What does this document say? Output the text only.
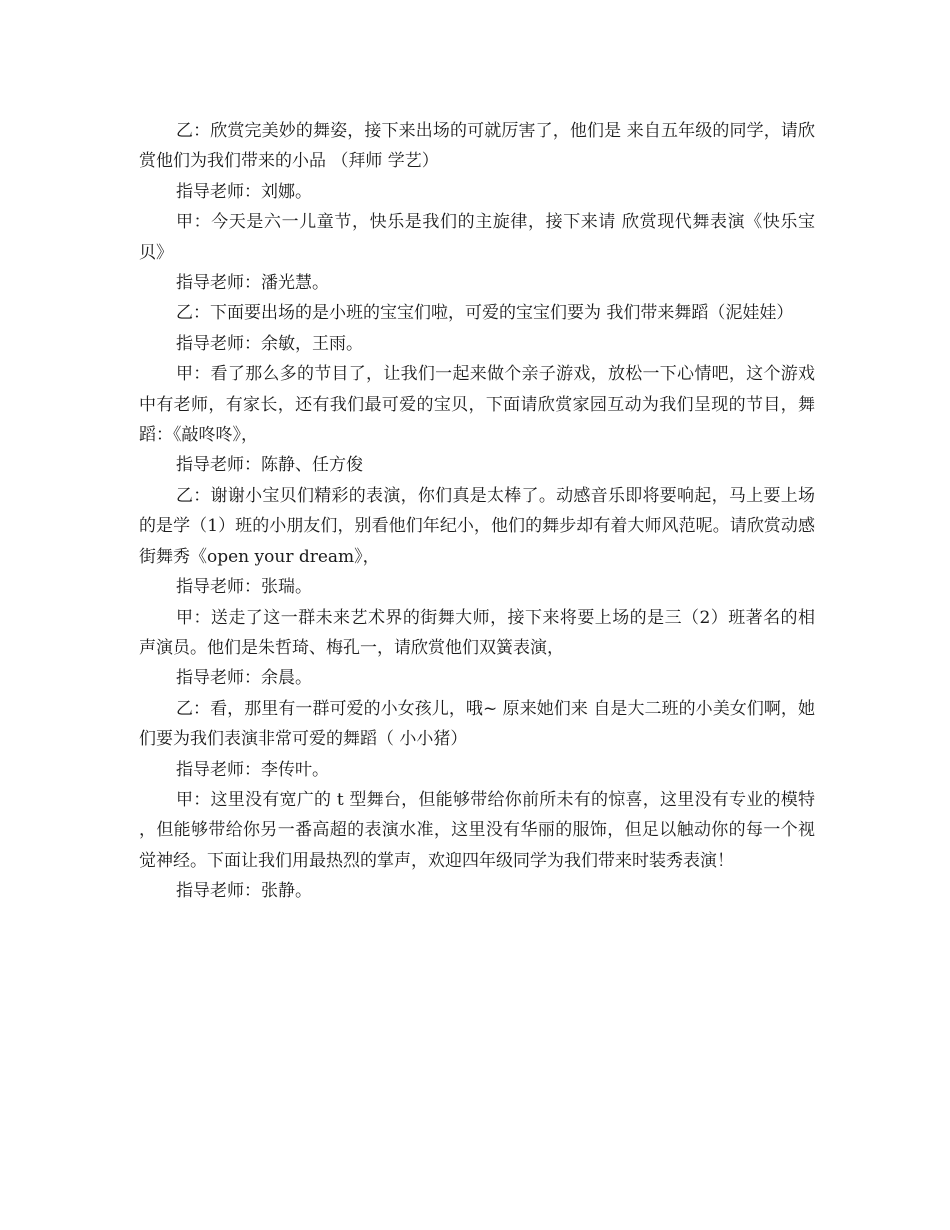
乙：欣赏完美妙的舞姿，接下来出场的可就厉害了，他们是 来自五年级的同学，请欣赏他们为我们带来的小品 （拜师 学艺）

指导老师：刘娜。

甲：今天是六一儿童节，快乐是我们的主旋律，接下来请 欣赏现代舞表演《快乐宝贝》

指导老师：潘光慧。

乙：下面要出场的是小班的宝宝们啦，可爱的宝宝们要为 我们带来舞蹈（泥娃娃）

指导老师：余敏，王雨。

甲：看了那么多的节目了，让我们一起来做个亲子游戏，放松一下心情吧，这个游戏中有老师，有家长，还有我们最可爱的宝贝，下面请欣赏家园互动为我们呈现的节目，舞蹈：《敲咚咚》，

指导老师：陈静、任方俊

乙：谢谢小宝贝们精彩的表演，你们真是太棒了。动感音乐即将要响起，马上要上场的是学（1）班的小朋友们，别看他们年纪小，他们的舞步却有着大师风范呢。请欣赏动感街舞秀《open your dream》，

指导老师：张瑞。

甲：送走了这一群未来艺术界的街舞大师，接下来将要上场的是三（2）班著名的相声演员。他们是朱哲琦、梅孔一，请欣赏他们双簧表演，

指导老师：余晨。

乙：看，那里有一群可爱的小女孩儿，哦~ 原来她们来 自是大二班的小美女们啊，她们要为我们表演非常可爱的舞蹈（ 小小猪）

指导老师：李传叶。

甲：这里没有宽广的 t 型舞台，但能够带给你前所未有的惊喜，这里没有专业的模特 ，但能够带给你另一番高超的表演水准，这里没有华丽的服饰，但足以触动你的每一个视觉神经。下面让我们用最热烈的掌声，欢迎四年级同学为我们带来时装秀表演！

指导老师：张静。
